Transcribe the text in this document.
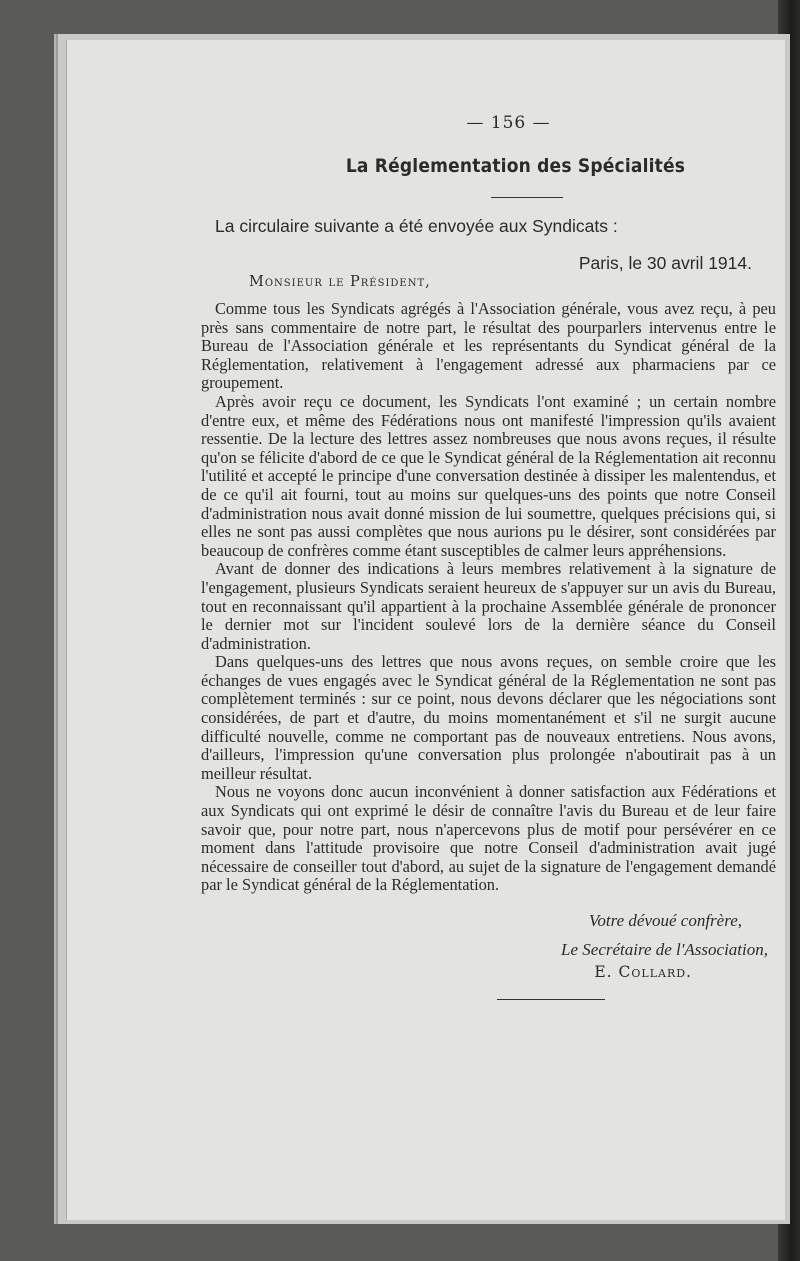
— 156 —

La Réglementation des Spécialités

La circulaire suivante a été envoyée aux Syndicats :

Paris, le 30 avril 1914.

Monsieur le Président,

Comme tous les Syndicats agrégés à l'Association générale, vous avez reçu, à peu près sans commentaire de notre part, le résultat des pourparlers intervenus entre le Bureau de l'Association générale et les représentants du Syndicat général de la Réglementation, relativement à l'engagement adressé aux pharmaciens par ce groupement.

Après avoir reçu ce document, les Syndicats l'ont examiné ; un certain nombre d'entre eux, et même des Fédérations nous ont manifesté l'impression qu'ils avaient ressentie. De la lecture des lettres assez nombreuses que nous avons reçues, il résulte qu'on se félicite d'abord de ce que le Syndicat général de la Réglementation ait reconnu l'utilité et accepté le principe d'une conversation destinée à dissiper les malentendus, et de ce qu'il ait fourni, tout au moins sur quelques-uns des points que notre Conseil d'administration nous avait donné mission de lui soumettre, quelques précisions qui, si elles ne sont pas aussi complètes que nous aurions pu le désirer, sont considérées par beaucoup de confrères comme étant susceptibles de calmer leurs appréhensions.

Avant de donner des indications à leurs membres relativement à la signature de l'engagement, plusieurs Syndicats seraient heureux de s'appuyer sur un avis du Bureau, tout en reconnaissant qu'il appartient à la prochaine Assemblée générale de prononcer le dernier mot sur l'incident soulevé lors de la dernière séance du Conseil d'administration.

Dans quelques-uns des lettres que nous avons reçues, on semble croire que les échanges de vues engagés avec le Syndicat général de la Réglementation ne sont pas complètement terminés : sur ce point, nous devons déclarer que les négociations sont considérées, de part et d'autre, du moins momentanément et s'il ne surgit aucune difficulté nouvelle, comme ne comportant pas de nouveaux entretiens. Nous avons, d'ailleurs, l'impression qu'une conversation plus prolongée n'aboutirait pas à un meilleur résultat.

Nous ne voyons donc aucun inconvénient à donner satisfaction aux Fédérations et aux Syndicats qui ont exprimé le désir de connaître l'avis du Bureau et de leur faire savoir que, pour notre part, nous n'apercevons plus de motif pour persévérer en ce moment dans l'attitude provisoire que notre Conseil d'administration avait jugé nécessaire de conseiller tout d'abord, au sujet de la signature de l'engagement demandé par le Syndicat général de la Réglementation.

Votre dévoué confrère,

Le Secrétaire de l'Association,

E. Collard.
